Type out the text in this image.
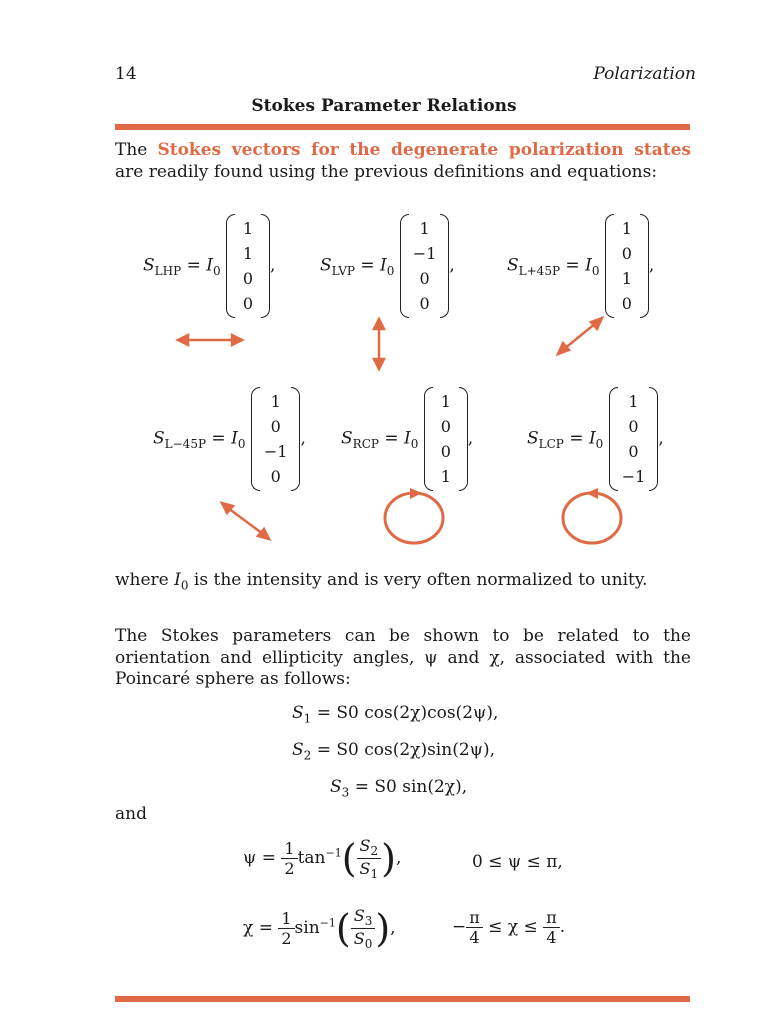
14	Polarization
Stokes Parameter Relations
The Stokes vectors for the degenerate polarization states are readily found using the previous definitions and equations:
$S_{LHP} = I_0$
1
1
0
0
,	$S_{LVP} = I_0$
1
−1
0
0
,	$S_{L+45P} = I_0$
1
0
1
0
,
$S_{L-45P} = I_0$
1
0
−1
0
, $S_{RCP} = I_0$
1
0
0
1
,	$S_{LCP} = I_0$
1
0
0
−1
,
where $I_0$ is the intensity and is very often normalized to unity.
The Stokes parameters can be shown to be related to the orientation and ellipticity angles, ψ and χ, associated with the Poincaré sphere as follows:
$S_1 = S0$ cos(2χ)cos(2ψ),
$S_2 = S0$ cos(2χ)sin(2ψ),
$S_3 = S0$ sin(2χ),
and
$\psi = \frac{1}{2} \tan^{-1}( \frac{S_2}{S_1}$ ),	0 ≤ ψ ≤ π,
$\chi = \frac{1}{2} \sin^{-1}( \frac{S_3}{S_0}$ ),	− $\frac{\pi}{4} \le \chi \le \frac{\pi}{4}$ .
